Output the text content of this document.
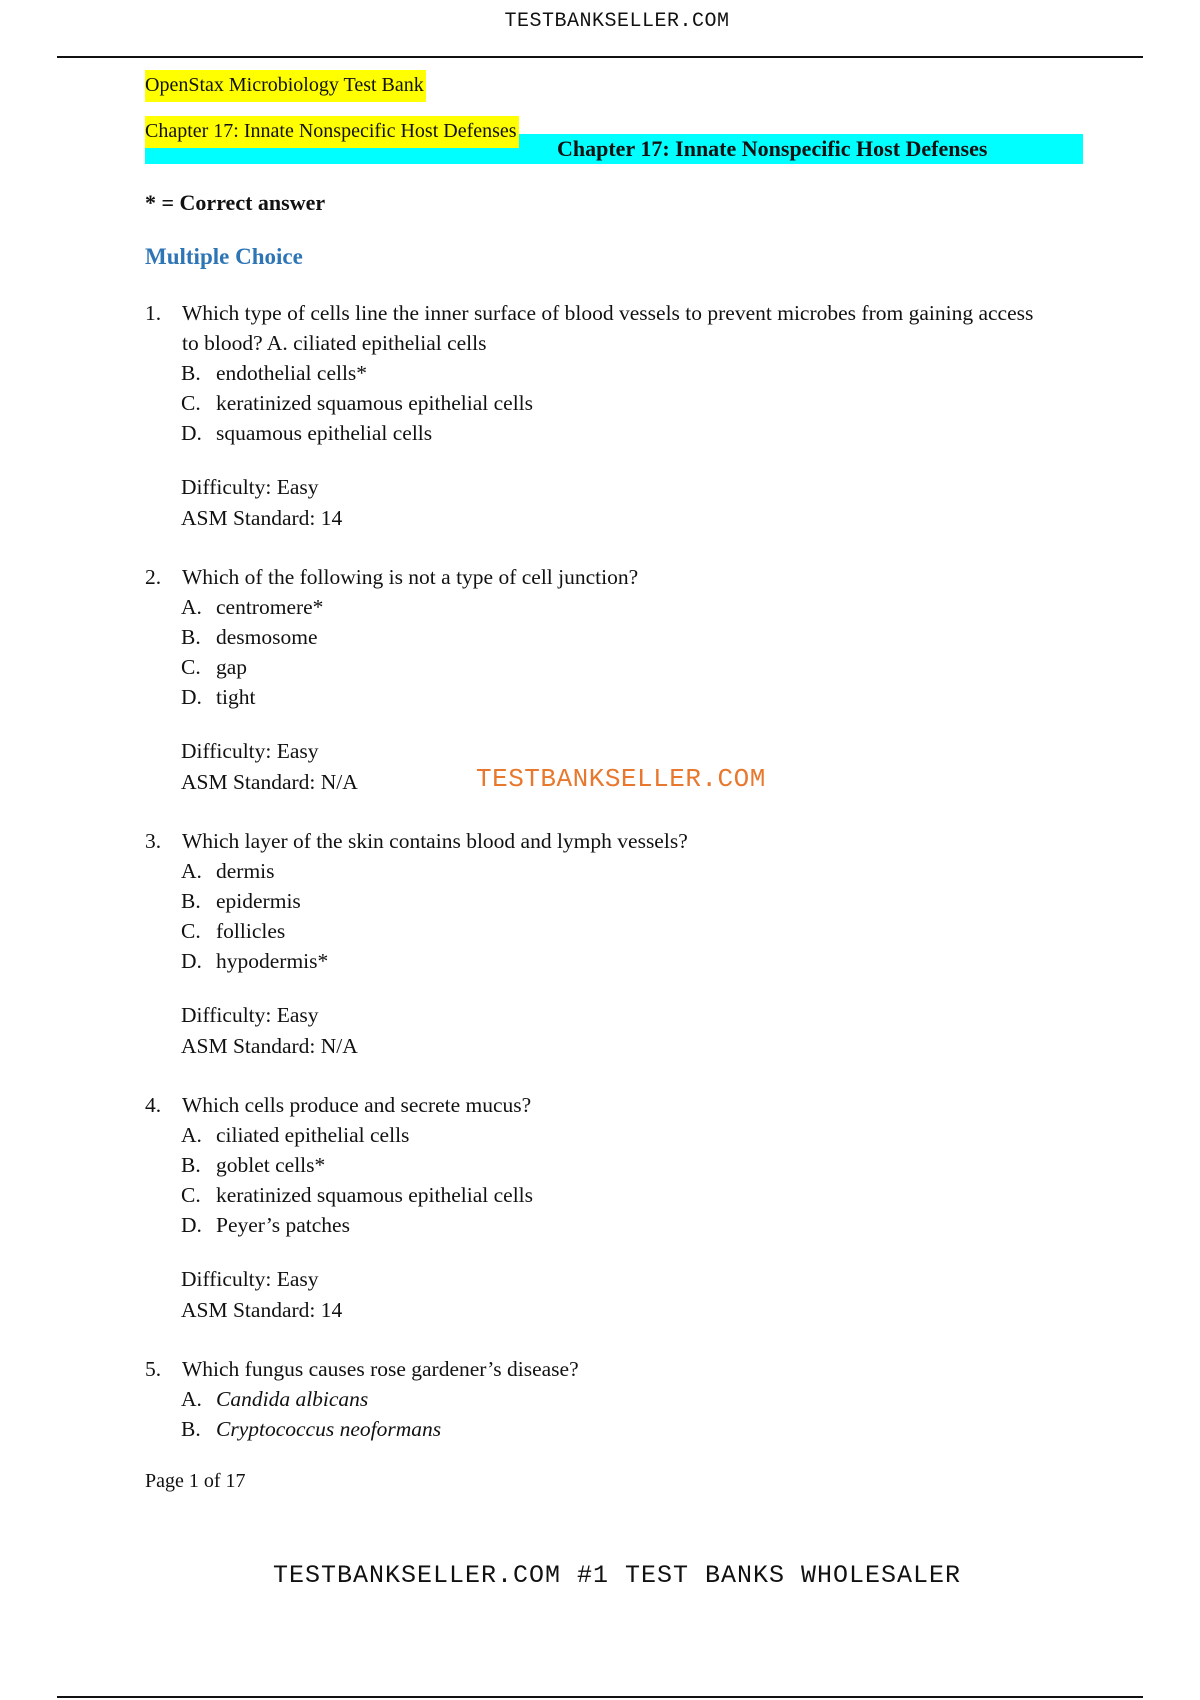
TESTBANKSELLER.COM
OpenStax Microbiology Test Bank
Chapter 17: Innate Nonspecific Host Defenses
Chapter 17: Innate Nonspecific Host Defenses
* = Correct answer
Multiple Choice
1. Which type of cells line the inner surface of blood vessels to prevent microbes from gaining access to blood? A. ciliated epithelial cells
B. endothelial cells*
C. keratinized squamous epithelial cells
D. squamous epithelial cells
Difficulty: Easy
ASM Standard: 14
2. Which of the following is not a type of cell junction?
A. centromere*
B. desmosome
C. gap
D. tight
Difficulty: Easy
ASM Standard: N/A	TESTBANKSELLER.COM
3. Which layer of the skin contains blood and lymph vessels?
A. dermis
B. epidermis
C. follicles
D. hypodermis*
Difficulty: Easy
ASM Standard: N/A
4. Which cells produce and secrete mucus?
A. ciliated epithelial cells
B. goblet cells*
C. keratinized squamous epithelial cells
D. Peyer’s patches
Difficulty: Easy
ASM Standard: 14
5. Which fungus causes rose gardener’s disease?
A. Candida albicans
B. Cryptococcus neoformans
Page 1 of 17
TESTBANKSELLER.COM #1 TEST BANKS WHOLESALER
